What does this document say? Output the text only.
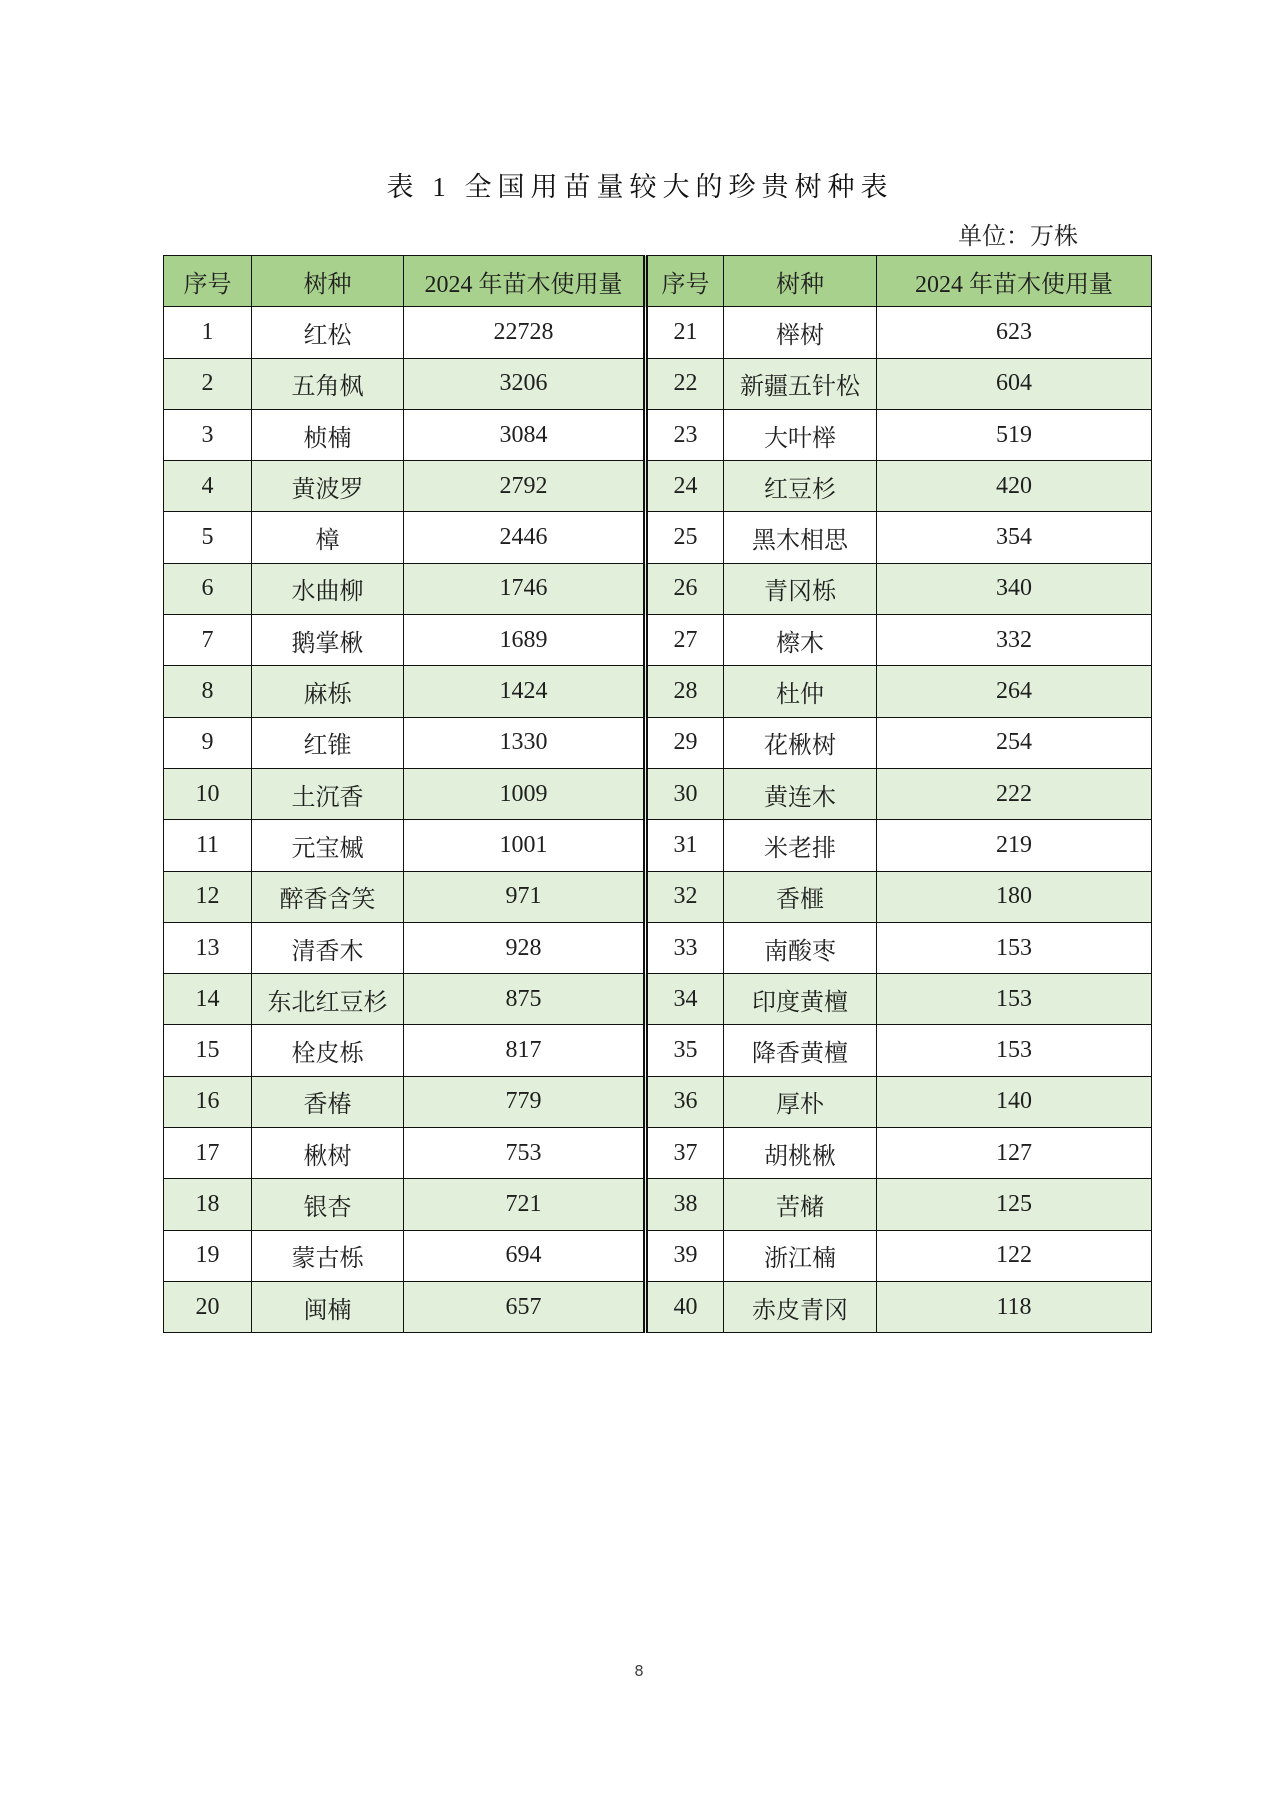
表 1 全国用苗量较大的珍贵树种表
单位：万株
序号	树种	2024 年苗木使用量	序号	树种	2024 年苗木使用量
1	红松	22728	21	榉树	623
2	五角枫	3206	22	新疆五针松	604
3	桢楠	3084	23	大叶榉	519
4	黄波罗	2792	24	红豆杉	420
5	樟	2446	25	黑木相思	354
6	水曲柳	1746	26	青冈栎	340
7	鹅掌楸	1689	27	檫木	332
8	麻栎	1424	28	杜仲	264
9	红锥	1330	29	花楸树	254
10	土沉香	1009	30	黄连木	222
11	元宝槭	1001	31	米老排	219
12	醉香含笑	971	32	香榧	180
13	清香木	928	33	南酸枣	153
14	东北红豆杉	875	34	印度黄檀	153
15	栓皮栎	817	35	降香黄檀	153
16	香椿	779	36	厚朴	140
17	楸树	753	37	胡桃楸	127
18	银杏	721	38	苦槠	125
19	蒙古栎	694	39	浙江楠	122
20	闽楠	657	40	赤皮青冈	118
8
